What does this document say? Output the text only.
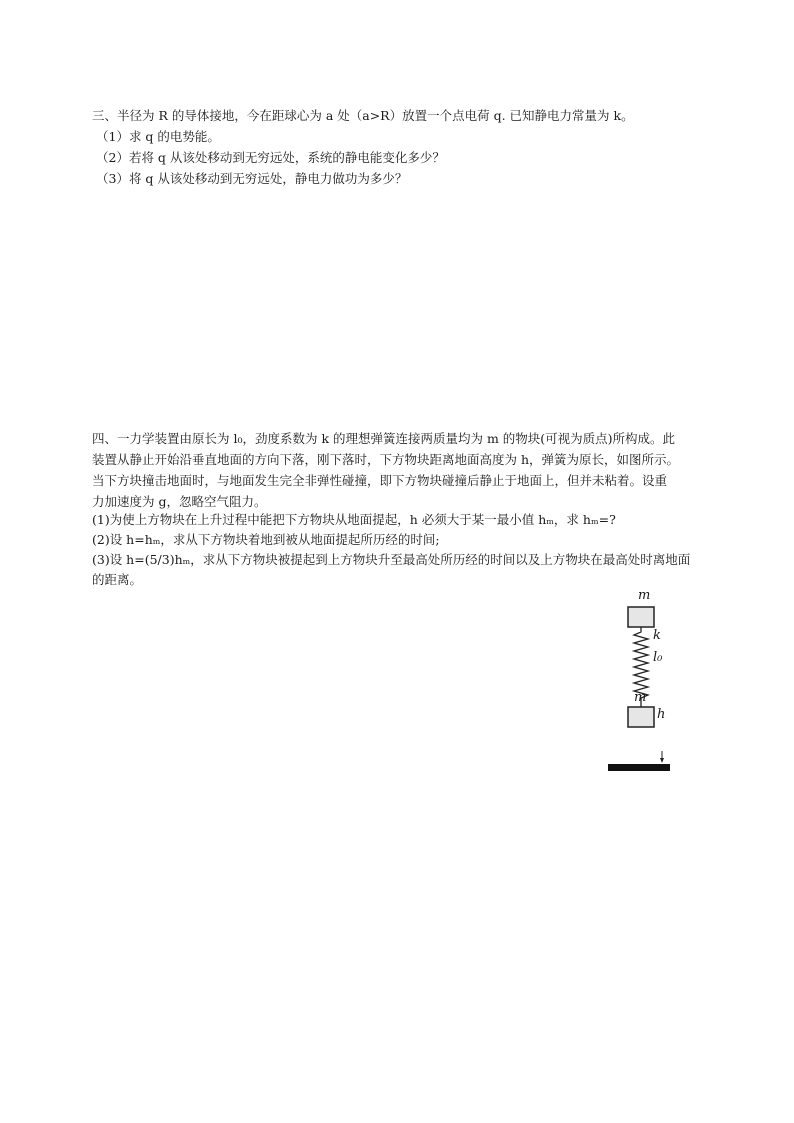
三、半径为 R 的导体接地，今在距球心为 a 处（a>R）放置一个点电荷 q. 已知静电力常量为 k。
（1）求 q 的电势能。
（2）若将 q 从该处移动到无穷远处，系统的静电能变化多少？
（3）将 q 从该处移动到无穷远处，静电力做功为多少？
四、一力学装置由原长为 l₀，劲度系数为 k 的理想弹簧连接两质量均为 m 的物块(可视为质点)所构成。此
装置从静止开始沿垂直地面的方向下落，刚下落时，下方物块距离地面高度为 h，弹簧为原长，如图所示。
当下方块撞击地面时，与地面发生完全非弹性碰撞，即下方物块碰撞后静止于地面上，但并未粘着。设重
力加速度为 g，忽略空气阻力。
(1)为使上方物块在上升过程中能把下方物块从地面提起，h 必须大于某一最小值 hₘ，求 hₘ=?
(2)设 h=hₘ，求从下方物块着地到被从地面提起所历经的时间;
(3)设 h=(5/3)hₘ，求从下方物块被提起到上方物块升至最高处所历经的时间以及上方物块在最高处时离地面
的距离。
m
k
l₀
m
h
